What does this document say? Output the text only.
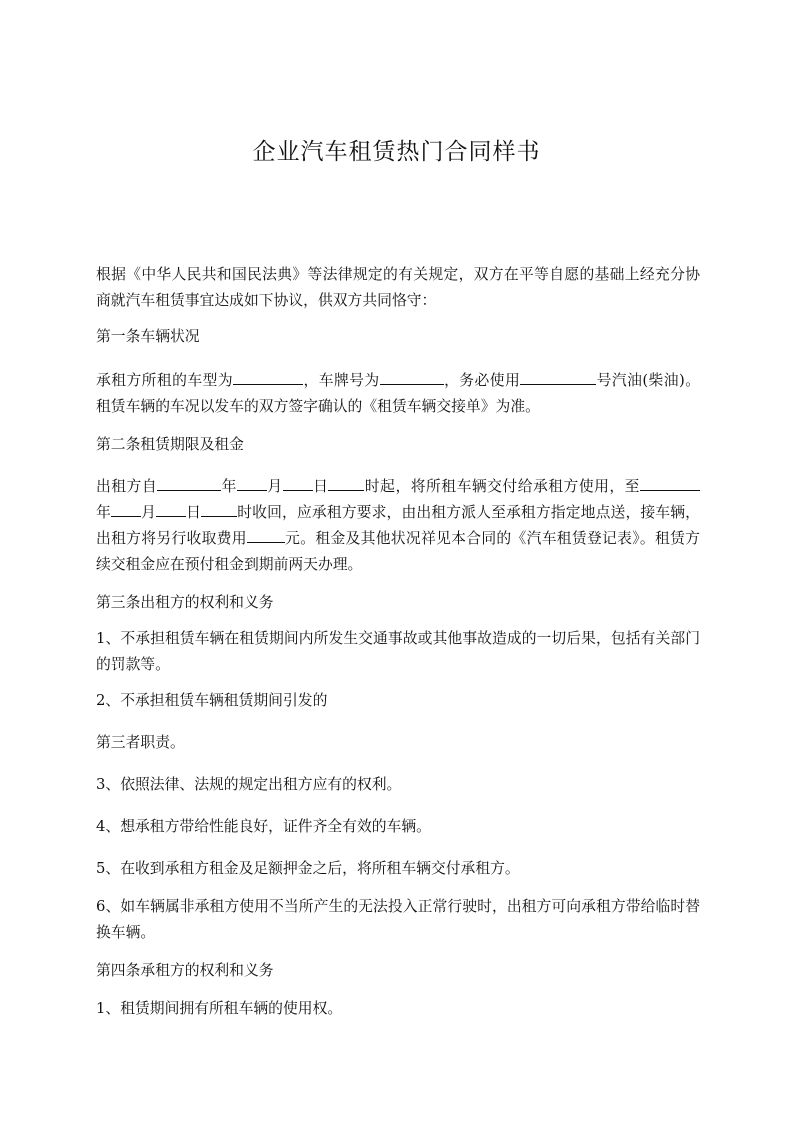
企业汽车租赁热门合同样书

根据《中华人民共和国民法典》等法律规定的有关规定，双方在平等自愿的基础上经充分协商就汽车租赁事宜达成如下协议，供双方共同恪守：

第一条车辆状况

承租方所租的车型为	，车牌号为	，务必使用	号汽油(柴油)。租赁车辆的车况以发车的双方签字确认的《租赁车辆交接单》为准。

第二条租赁期限及租金

出租方自	年 月 日 时起，将所租车辆交付给承租方使用，至年 月 日 时收回，应承租方要求，由出租方派人至承租方指定地点送，接车辆，出租方将另行收取费用	元。租金及其他状况祥见本合同的《汽车租赁登记表》。租赁方续交租金应在预付租金到期前两天办理。

第三条出租方的权利和义务

1、不承担租赁车辆在租赁期间内所发生交通事故或其他事故造成的一切后果，包括有关部门的罚款等。

2、不承担租赁车辆租赁期间引发的

第三者职责。

3、依照法律、法规的规定出租方应有的权利。

4、想承租方带给性能良好，证件齐全有效的车辆。

5、在收到承租方租金及足额押金之后，将所租车辆交付承租方。

6、如车辆属非承租方使用不当所产生的无法投入正常行驶时，出租方可向承租方带给临时替换车辆。

第四条承租方的权利和义务

1、租赁期间拥有所租车辆的使用权。
